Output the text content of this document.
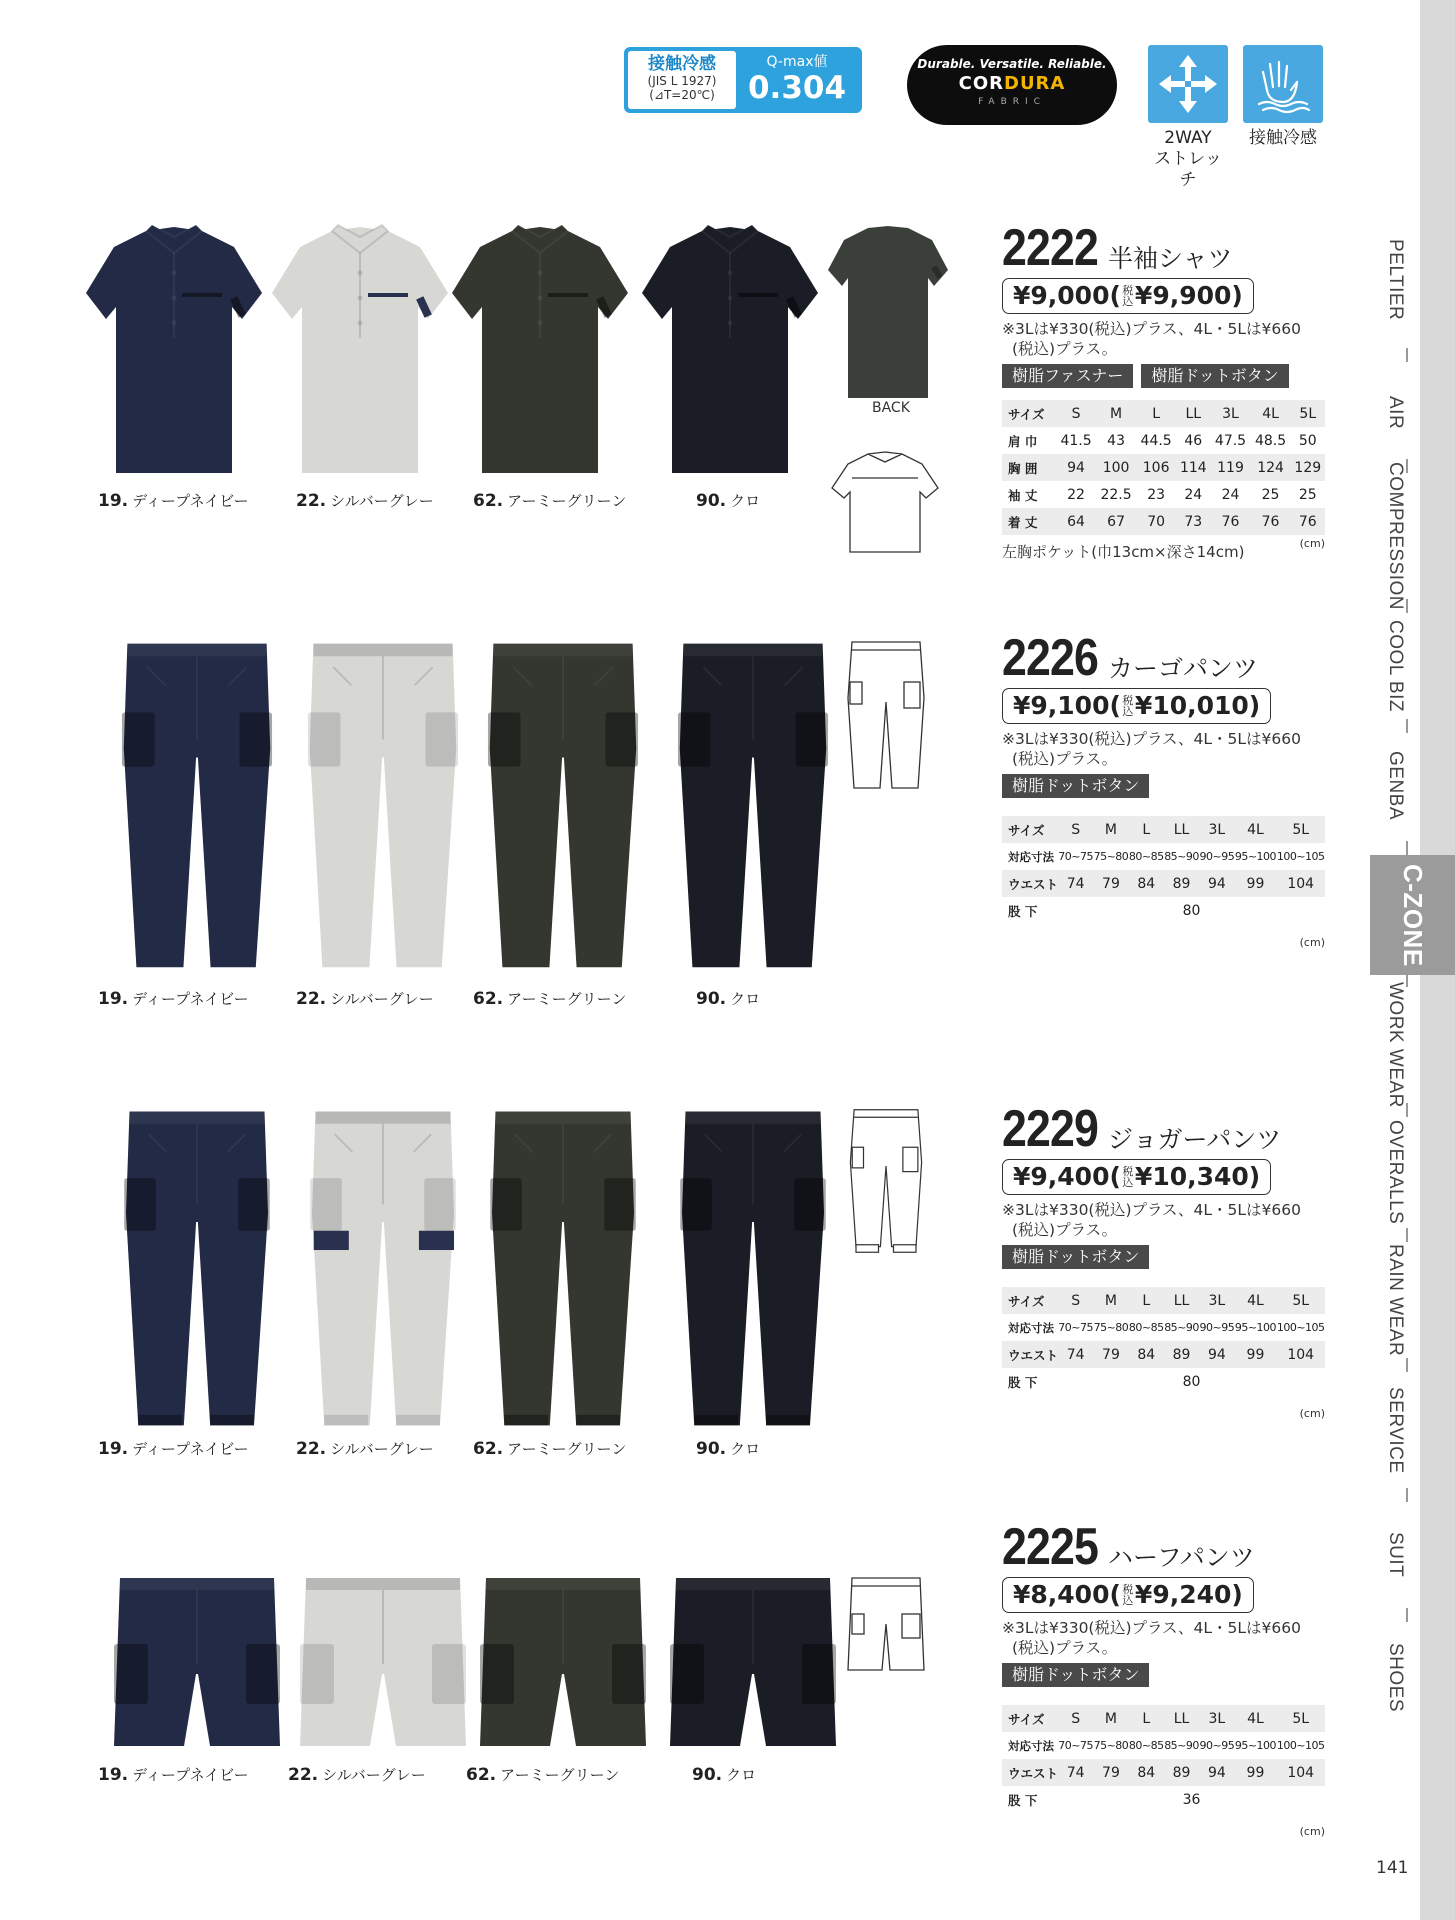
接触冷感
(JIS L 1927)
(⊿T=20℃)
Q-max値
0.304
Durable. Versatile. Reliable.
CORDURA
FABRIC
2WAY
ストレッチ
接触冷感
PELTIER
AIR
COMPRESSION
COOL BIZ
GENBA
C-ZONE
WORK WEAR
OVERALLS
RAIN WEAR
SERVICE
SUIT
SHOES
BACK
19. ディープネイビー	22. シルバーグレー 62. アーミーグリーン	90. クロ
19. ディープネイビー	22. シルバーグレー 62. アーミーグリーン	90. クロ
19. ディープネイビー	22. シルバーグレー 62. アーミーグリーン	90. クロ
19. ディープネイビー 22. シルバーグレー 62. アーミーグリーン	90. クロ
2222 半袖シャツ
¥9,000 ( 税
込 ¥9,900 )
※3Lは¥330(税込)プラス、4L・5Lは¥660
(税込)プラス。
樹脂ファスナー	樹脂ドットボタン
サイズ	S	M	L	LL	3L	4L	5L
肩 巾	41.5	43	44.5	46	47.5	48.5	50
胸 囲	94	100	106	114	119	124	129
袖 丈	22	22.5	23	24	24	25	25
着 丈	64	67	70	73	76	76	76
(cm)
左胸ポケット(巾13cm×深さ14cm)
2226 カーゴパンツ
¥9,100 ( 税
込 ¥10,010 )
※3Lは¥330(税込)プラス、4L・5Lは¥660
(税込)プラス。
樹脂ドットボタン
サイズ	S	M	L	LL	3L	4L	5L
対応寸法	70~75	75~80	80~85	85~90	90~95	95~100	100~105
ウエスト	74	79	84	89	94	99	104
股 下	80						
(cm)
2229 ジョガーパンツ
¥9,400 ( 税
込 ¥10,340 )
※3Lは¥330(税込)プラス、4L・5Lは¥660
(税込)プラス。
樹脂ドットボタン
サイズ	S	M	L	LL	3L	4L	5L
対応寸法	70~75	75~80	80~85	85~90	90~95	95~100	100~105
ウエスト	74	79	84	89	94	99	104
股 下	80						
(cm)
2225 ハーフパンツ
¥8,400 ( 税
込 ¥9,240 )
※3Lは¥330(税込)プラス、4L・5Lは¥660
(税込)プラス。
樹脂ドットボタン
サイズ	S	M	L	LL	3L	4L	5L
対応寸法	70~75	75~80	80~85	85~90	90~95	95~100	100~105
ウエスト	74	79	84	89	94	99	104
股 下	36						
(cm)
141
